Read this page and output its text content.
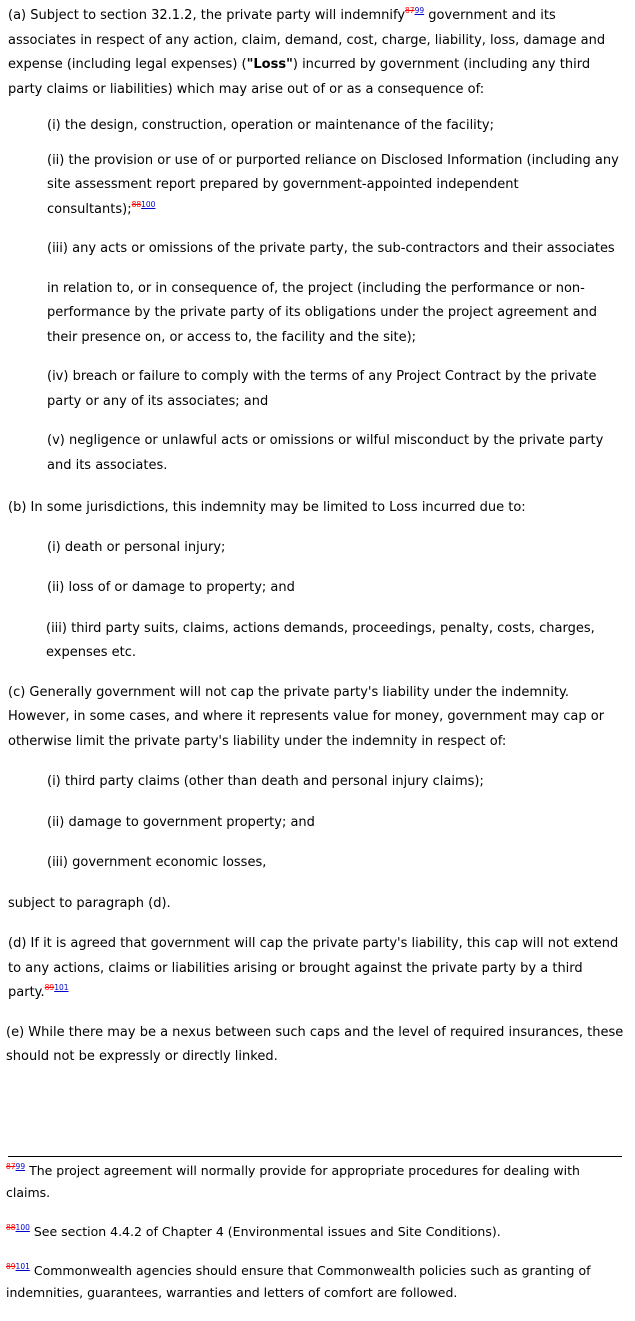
(a) Subject to section 32.1.2, the private party will indemnify$^{8799}$ government and its associates in respect of any action, claim, demand, cost, charge, liability, loss, damage and expense (including legal expenses) ("Loss") incurred by government (including any third party claims or liabilities) which may arise out of or as a consequence of:

(i) the design, construction, operation or maintenance of the facility;

(ii) the provision or use of or purported reliance on Disclosed Information (including any site assessment report prepared by government-appointed independent consultants);$^{88100}$

(iii) any acts or omissions of the private party, the sub-contractors and their associates

in relation to, or in consequence of, the project (including the performance or non-performance by the private party of its obligations under the project agreement and their presence on, or access to, the facility and the site);

(iv) breach or failure to comply with the terms of any Project Contract by the private party or any of its associates; and

(v) negligence or unlawful acts or omissions or wilful misconduct by the private party and its associates.

(b) In some jurisdictions, this indemnity may be limited to Loss incurred due to:

(i) death or personal injury;

(ii) loss of or damage to property; and

(iii) third party suits, claims, actions demands, proceedings, penalty, costs, charges, expenses etc.

(c) Generally government will not cap the private party's liability under the indemnity. However, in some cases, and where it represents value for money, government may cap or otherwise limit the private party's liability under the indemnity in respect of:

(i) third party claims (other than death and personal injury claims);

(ii) damage to government property; and

(iii) government economic losses,

subject to paragraph (d).

(d) If it is agreed that government will cap the private party's liability, this cap will not extend to any actions, claims or liabilities arising or brought against the private party by a third party.$^{89101}$

(e) While there may be a nexus between such caps and the level of required insurances, these should not be expressly or directly linked.

$^{8799}$ The project agreement will normally provide for appropriate procedures for dealing with claims.

$^{88100}$ See section 4.4.2 of Chapter 4 (Environmental issues and Site Conditions).

$^{89101}$ Commonwealth agencies should ensure that Commonwealth policies such as granting of indemnities, guarantees, warranties and letters of comfort are followed.
